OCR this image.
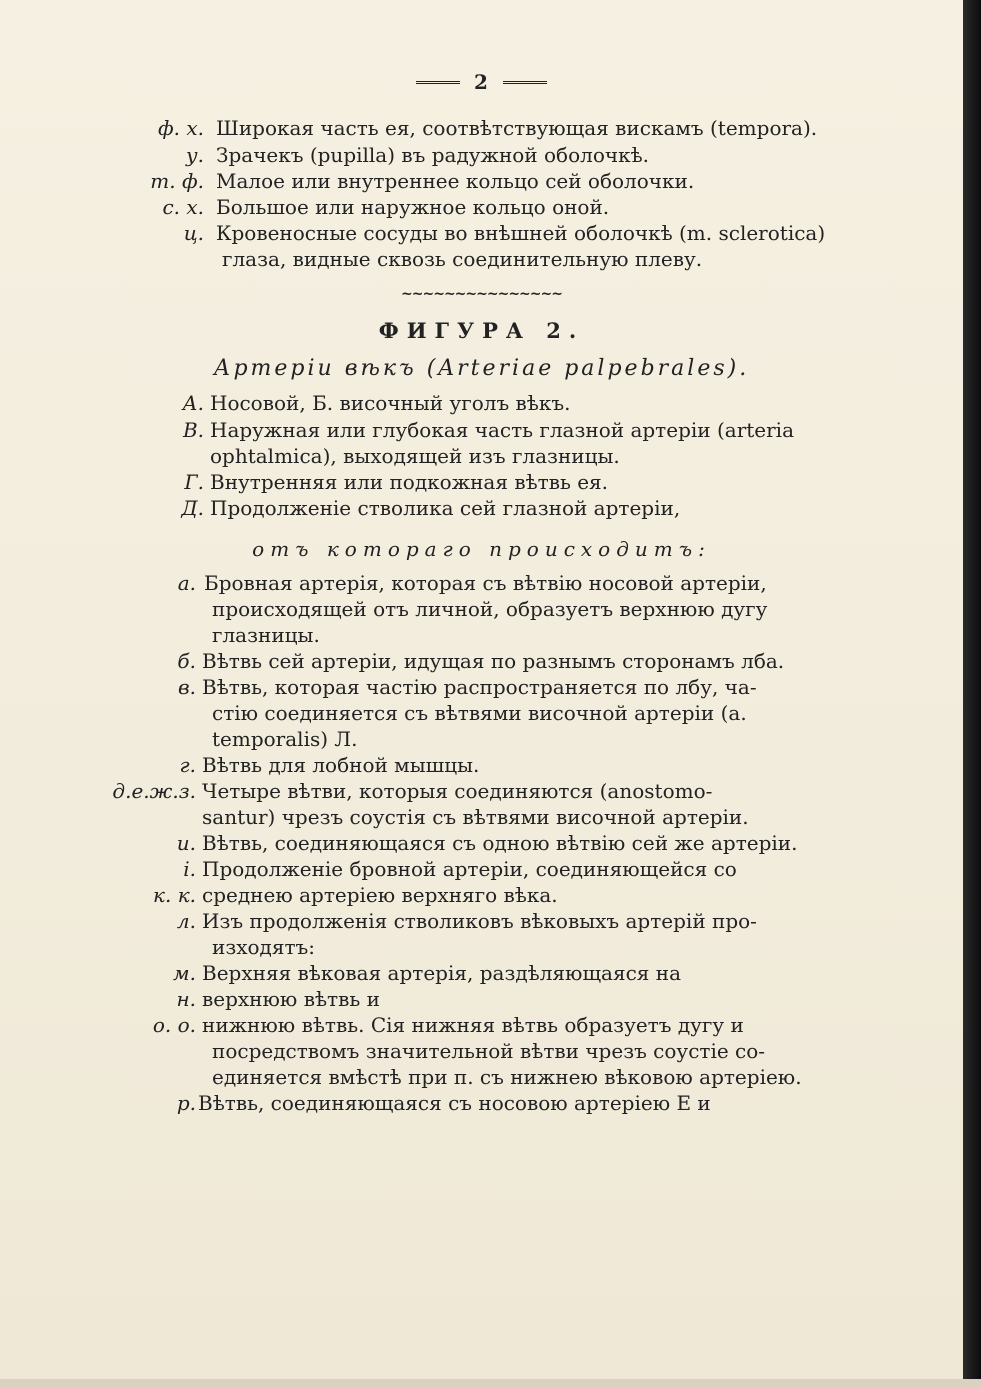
2
ф. х. Широкая часть ея, соотвѣтствующая вискамъ (tempora).
у. Зрачекъ (pupilla) въ радужной оболочкѣ.
т. ф. Малое или внутреннее кольцо сей оболочки.
с. х. Большое или наружное кольцо оной.
ц. Кровеносные сосуды во внѣшней оболочкѣ (m. sclerotica)
глаза, видные сквозь соединительную плеву.
~~~~~~~~~~~~~~~
ФИГУРА 2.
Артеріи вѣкъ (Arteriae palpebrales).
А. Носовой, Б. височный уголъ вѣкъ.
В. Наружная или глубокая часть глазной артеріи (arteria
ophtalmica), выходящей изъ глазницы.
Г. Внутренняя или подкожная вѣтвь ея.
Д. Продолженіе стволика сей глазной артеріи,
отъ котораго происходитъ:
а. Бровная артерія, которая съ вѣтвію носовой артеріи,
происходящей отъ личной, образуетъ верхнюю дугу
глазницы.
б. Вѣтвь сей артеріи, идущая по разнымъ сторонамъ лба.
в. Вѣтвь, которая частію распространяется по лбу, ча-
стію соединяется съ вѣтвями височной артеріи (a.
temporalis) Л.
г. Вѣтвь для лобной мышцы.
д.е.ж.з. Четыре вѣтви, которыя соединяются (anostomo-
santur) чрезъ соустія съ вѣтвями височной артеріи.
и. Вѣтвь, соединяющаяся съ одною вѣтвію сей же артеріи.
і. Продолженіе бровной артеріи, соединяющейся со
к. к. среднею артеріею верхняго вѣка.
л. Изъ продолженія стволиковъ вѣковыхъ артерій про-
изходятъ:
м. Верхняя вѣковая артерія, раздѣляющаяся на
н. верхнюю вѣтвь и
о. о. нижнюю вѣтвь. Сія нижняя вѣтвь образуетъ дугу и
посредствомъ значительной вѣтви чрезъ соустіе со-
единяется вмѣстѣ при п. съ нижнею вѣковою артеріею.
р. Вѣтвь, соединяющаяся съ носовою артеріею Е и
